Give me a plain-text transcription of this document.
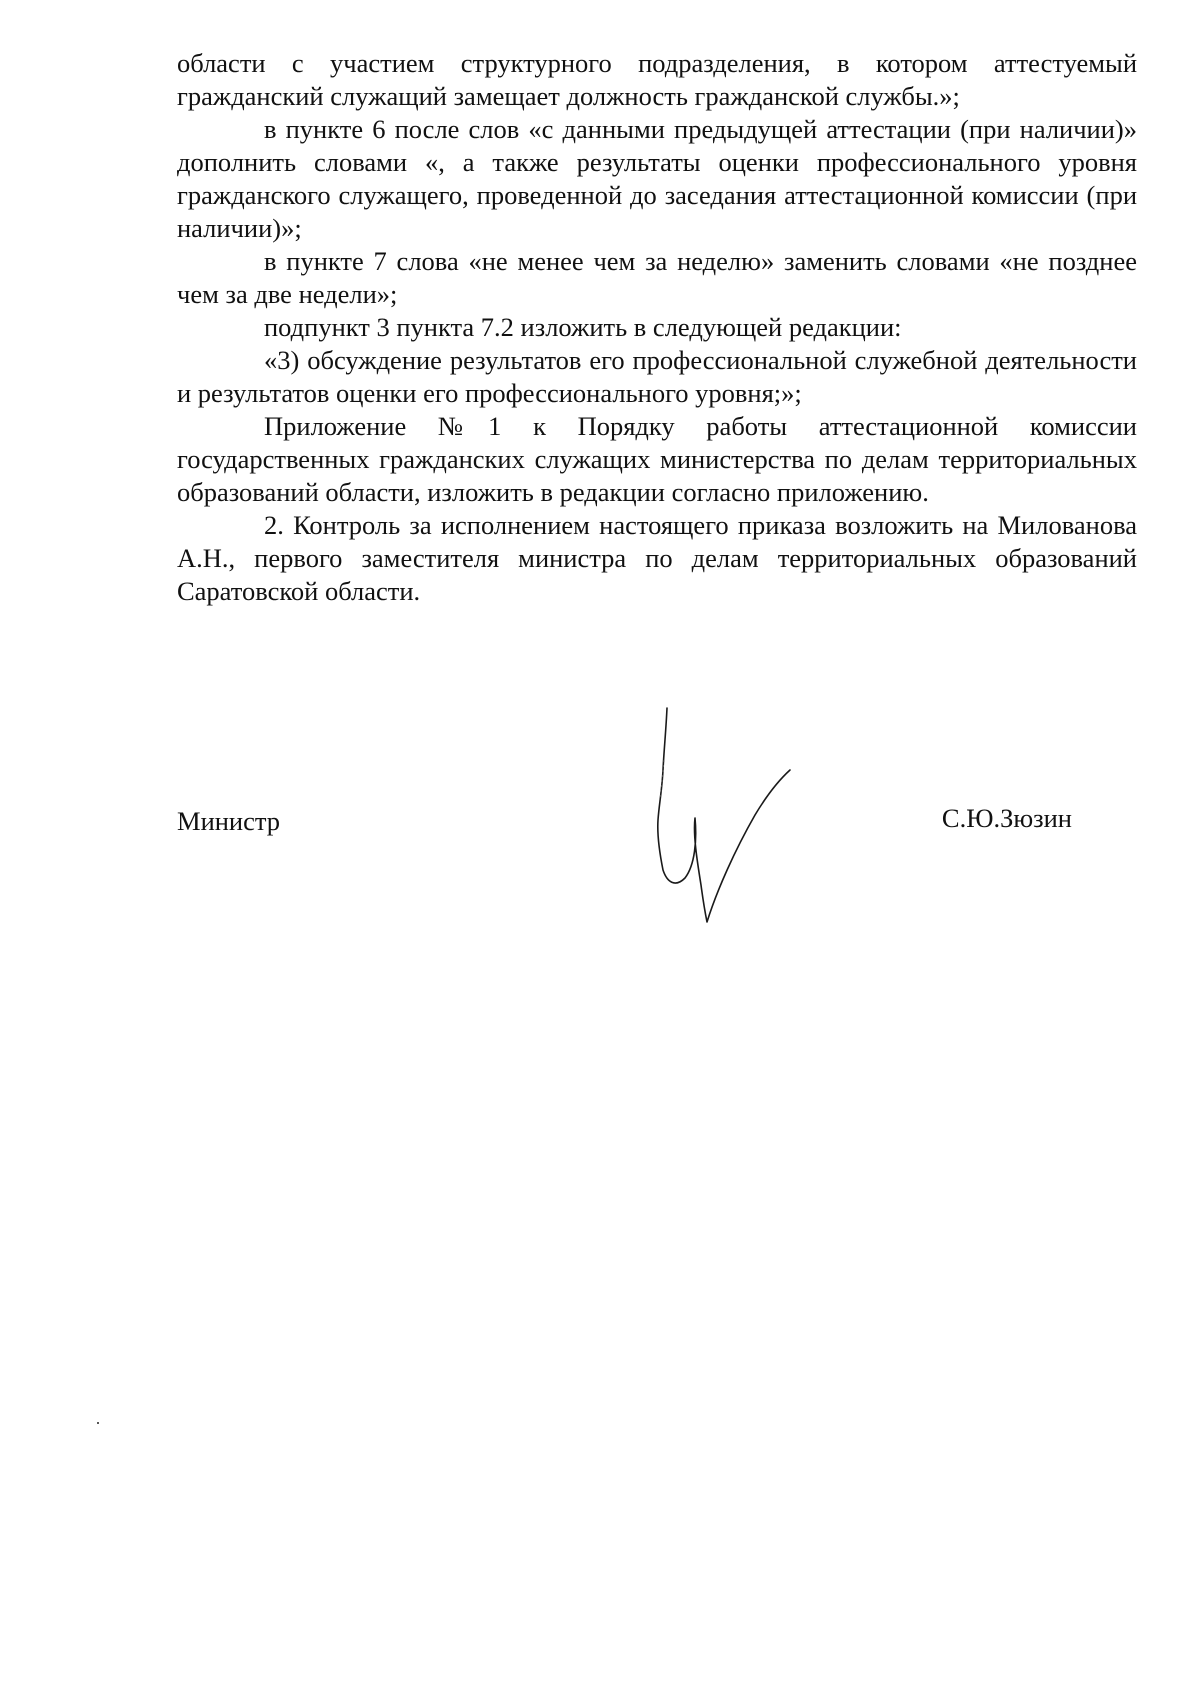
области с участием структурного подразделения, в котором аттестуемый гражданский служащий замещает должность гражданской службы.»;

в пункте 6 после слов «с данными предыдущей аттестации (при наличии)» дополнить словами «, а также результаты оценки профессионального уровня гражданского служащего, проведенной до заседания аттестационной комиссии (при наличии)»;

в пункте 7 слова «не менее чем за неделю» заменить словами «не позднее чем за две недели»;

подпункт 3 пункта 7.2 изложить в следующей редакции:

«3) обсуждение результатов его профессиональной служебной деятельности и результатов оценки его профессионального уровня;»;

Приложение №1 к Порядку работы аттестационной комиссии государственных гражданских служащих министерства по делам территориальных образований области, изложить в редакции согласно приложению.

2. Контроль за исполнением настоящего приказа возложить на Милованова А.Н., первого заместителя министра по делам территориальных образований Саратовской области.

Министр	С.Ю.Зюзин
